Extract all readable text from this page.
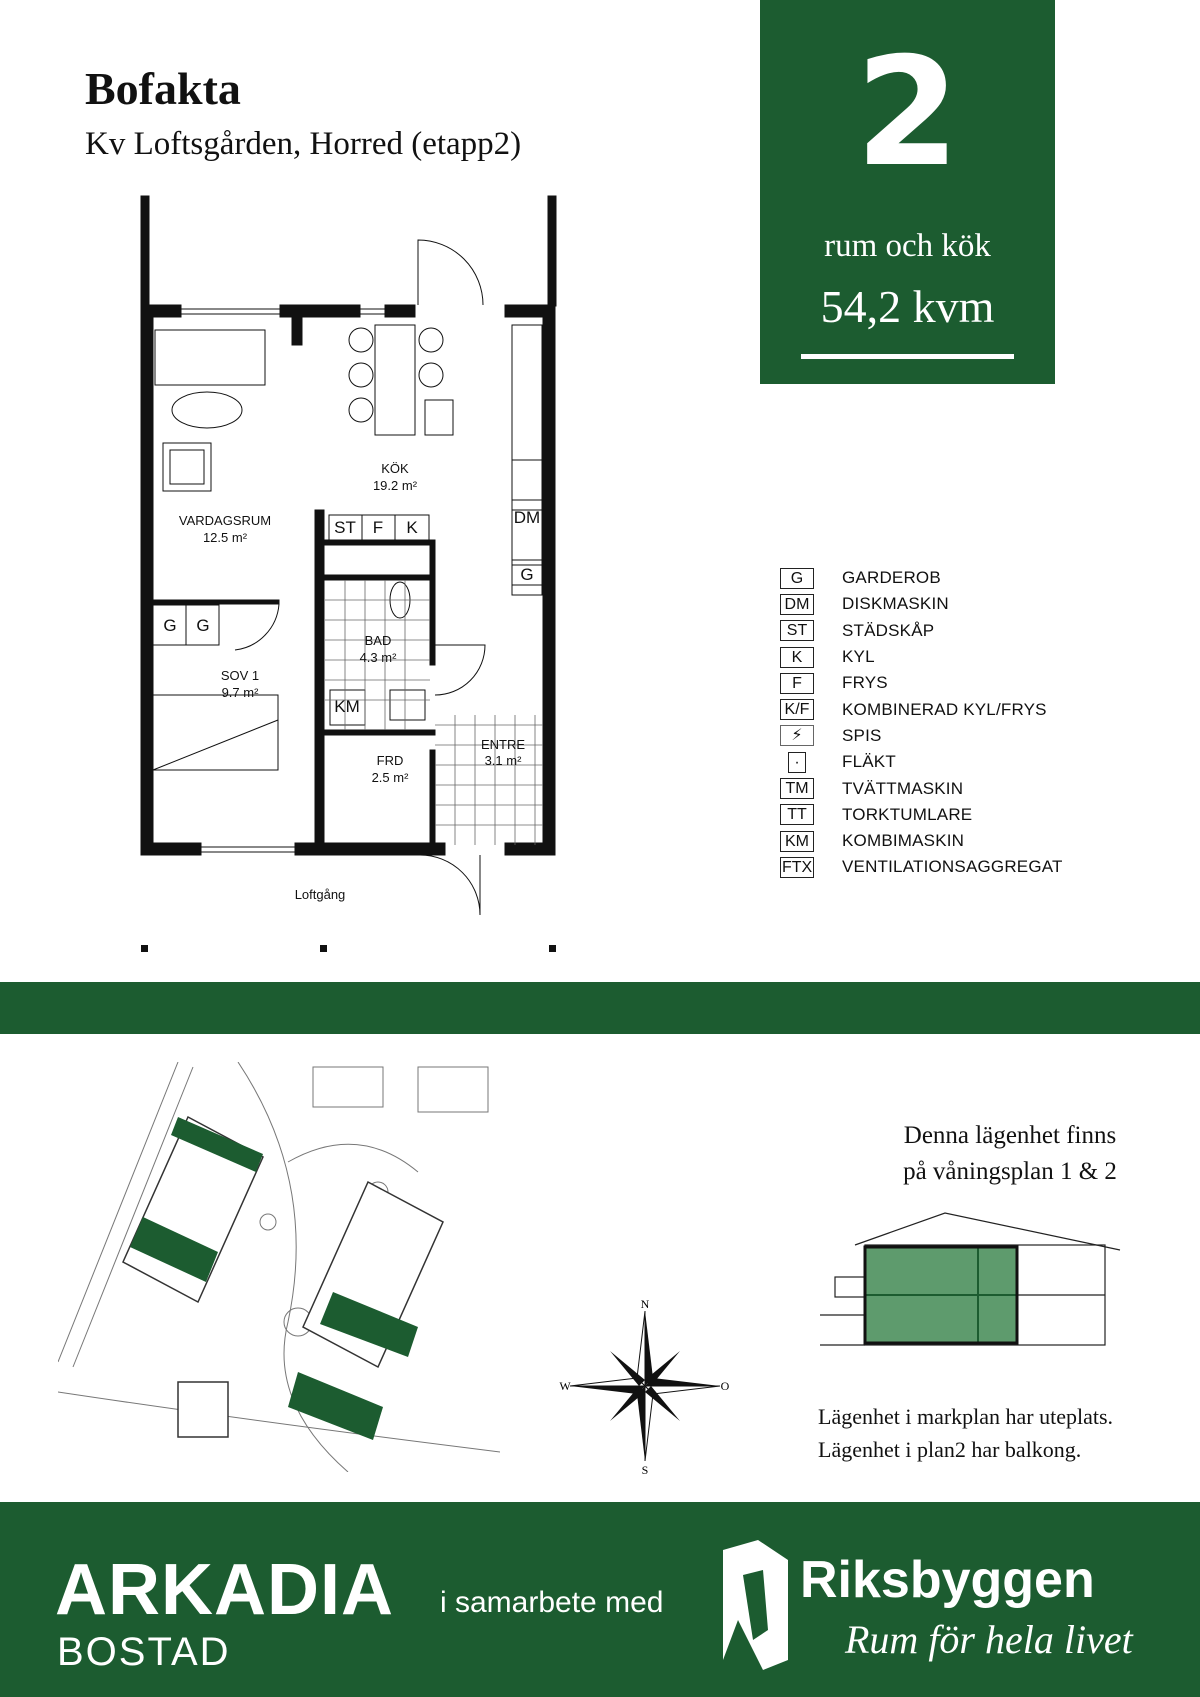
Bofakta
Kv Loftsgården, Horred (etapp2)	2
rum och kök
54,2 kvm
KÖK
19.2 m²
VARDAGSRUM
12.5 m²
SOV 1
9.7 m²
BAD
4.3 m²
FRD
2.5 m²
ENTRE
3.1 m²
ST F K
DM
G
G G
KM
Loftgång
G	GARDEROB
DM DISKMASKIN
ST	STÄDSKÅP
K	KYL
F	FRYS
K/F KOMBINERAD KYL/FRYS
⚡	SPIS
·	FLÄKT
TM	TVÄTTMASKIN
TT	TORKTUMLARE
KM KOMBIMASKIN
FTX VENTILATIONSAGGREGAT
N
S
W	O
Denna lägenhet finns
på våningsplan 1 & 2
Lägenhet i markplan har uteplats.
Lägenhet i plan2 har balkong.
ARKADIA
BOSTAD
i samarbete med	Riksbyggen
Rum för hela livet
